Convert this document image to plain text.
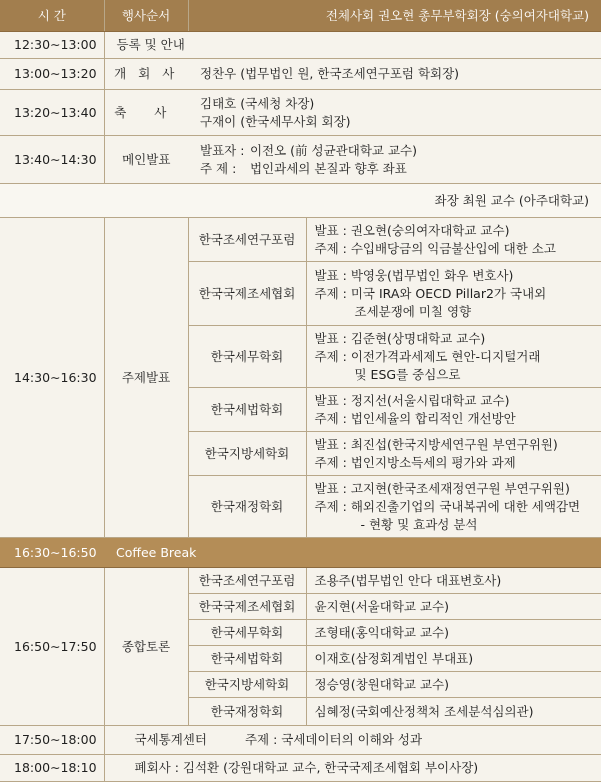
시 간	행사순서	전체사회 권오현 총무부학회장 (숭의여자대학교)	
12:30∼13:00	등록 및 안내		
13:00∼13:20	개 회 사	정찬우 (법무법인 원, 한국조세연구포럼 학회장)	
13:20∼13:40	축 사	김태호 (국세청 차장)
구재이 (한국세무사회 회장)	

13:40∼14:30	메인발표	발표자 : 이전오 (前 성균관대학교 교수)
주 제 : 법인과세의 본질과 향후 좌표	

좌장 최원 교수 (아주대학교)			
14:30∼16:30	주제발표	한국조세연구포럼	발표 : 권오현(숭의여자대학교 교수)
주제 : 수입배당금의 익금불산입에 대한 소고

		한국국제조세협회	발표 : 박영웅(법무법인 화우 변호사)
주제 : 미국 IRA와 OECD Pillar2가 국내외
조세분쟁에 미칠 영향

		한국세무학회	발표 : 김준현(상명대학교 교수)
주제 : 이전가격과세제도 현안-디지털거래
및 ESG를 중심으로

		한국세법학회	발표 : 정지선(서울시립대학교 교수)
주제 : 법인세율의 합리적인 개선방안

		한국지방세학회	발표 : 최진섭(한국지방세연구원 부연구위원)
주제 : 법인지방소득세의 평가와 과제

		한국재정학회	발표 : 고지현(한국조세재정연구원 부연구위원)
주제 : 해외진출기업의 국내복귀에 대한 세액감면
- 현황 및 효과성 분석

16:30∼16:50	Coffee Break		
16:50∼17:50	종합토론	한국조세연구포럼	조용주(법무법인 안다 대표변호사)
		한국국제조세협회	윤지현(서울대학교 교수)
		한국세무학회	조형태(홍익대학교 교수)
		한국세법학회	이재호(삼정회계법인 부대표)
		한국지방세학회	정승영(창원대학교 교수)
		한국재정학회	심혜정(국회예산정책처 조세분석심의관)
17:50∼18:00	국세통계센터 주제 : 국세데이터의 이해와 성과		
18:00∼18:10	폐회사 : 김석환 (강원대학교 교수, 한국국제조세협회 부이사장)		
